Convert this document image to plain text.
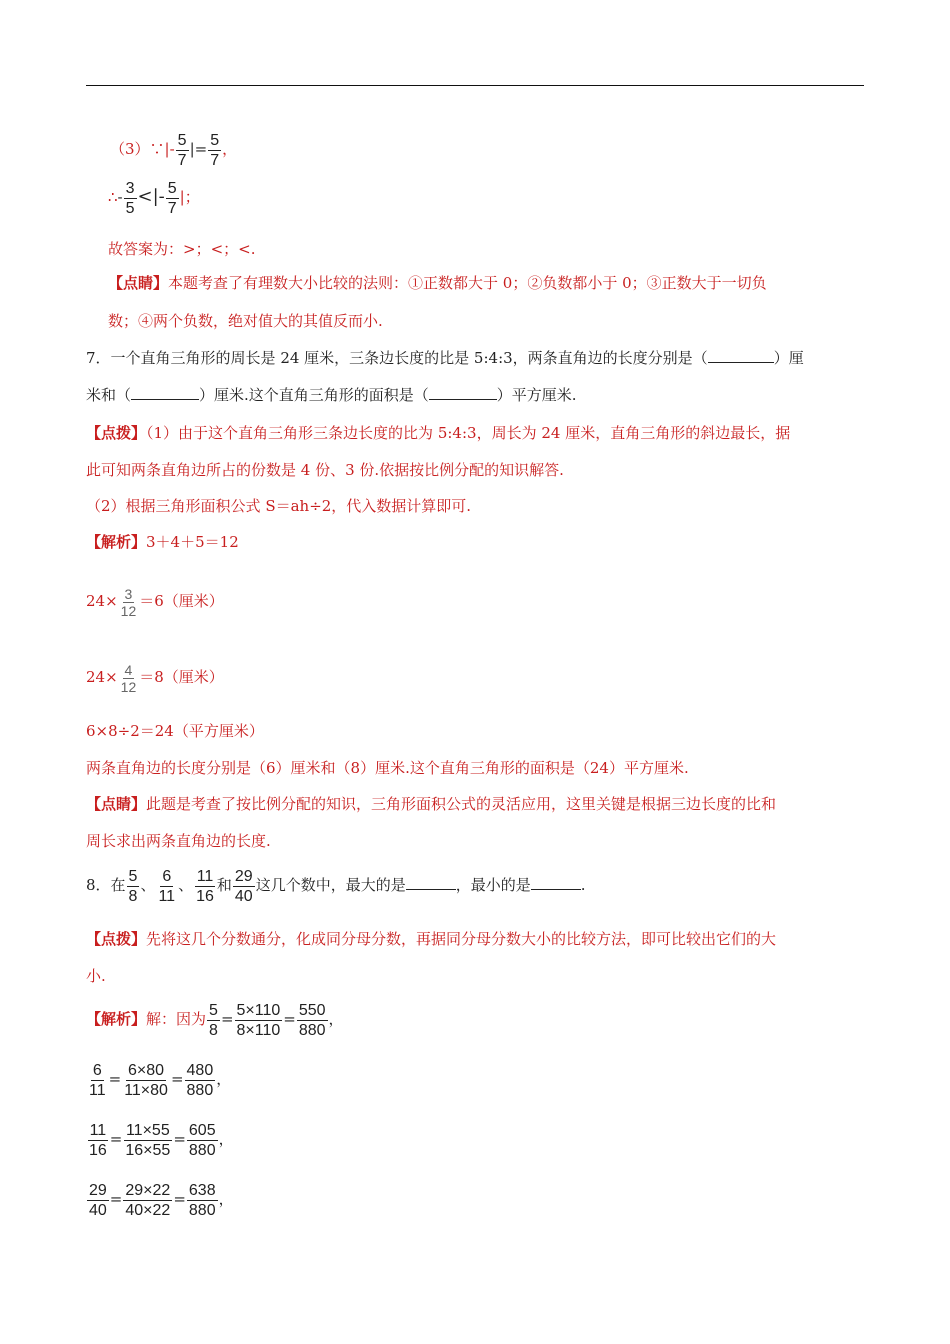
（3）∵|- $\frac{5}{7}$ |= $\frac{5}{7}$ ，
∴- $\frac{3}{5}$ <|- $\frac{5}{7}$ |；
故答案为：>；<；<.
【点睛】本题考查了有理数大小比较的法则：①正数都大于 0；②负数都小于 0；③正数大于一切负
数；④两个负数，绝对值大的其值反而小.
7．一个直角三角形的周长是 24 厘米，三条边长度的比是 5:4:3，两条直角边的长度分别是（	）厘
米和（	）厘米.这个直角三角形的面积是（	）平方厘米.
【点拨】（1）由于这个直角三角形三条边长度的比为 5:4:3，周长为 24 厘米，直角三角形的斜边最长，据
此可知两条直角边所占的份数是 4 份、3 份.依据按比例分配的知识解答.
（2）根据三角形面积公式 S＝ah÷2，代入数据计算即可.
【解析】3＋4＋5＝12
$24\times \frac{3}{12} =6$（厘米）
$24\times \frac{4}{12} =8$（厘米）
6×8÷2＝24（平方厘米）
两条直角边的长度分别是（6）厘米和（8）厘米.这个直角三角形的面积是（24）平方厘米.
【点睛】此题是考查了按比例分配的知识，三角形面积公式的灵活应用，这里关键是根据三边长度的比和
周长求出两条直角边的长度.
8．在 $\frac{5}{8}$ 、 $\frac{6}{11}$ 、 $\frac{11}{16}$ 和 $\frac{29}{40}$ 这几个数中，最大的是	，最小的是	.
【点拨】先将这几个分数通分，化成同分母分数，再据同分母分数大小的比较方法，即可比较出它们的大
小.
【解析】解：因为 $\frac{5}{8} = \frac{5\times 110}{8\times 110} = \frac{550}{880}$ ，
$\frac{6}{11} = \frac{6\times 80}{11\times 80} = \frac{480}{880}$ ，
$\frac{11}{16} = \frac{11\times 55}{16\times 55} = \frac{605}{880}$ ，
$\frac{29}{40} = \frac{29\times 22}{40\times 22} = \frac{638}{880}$ ，
